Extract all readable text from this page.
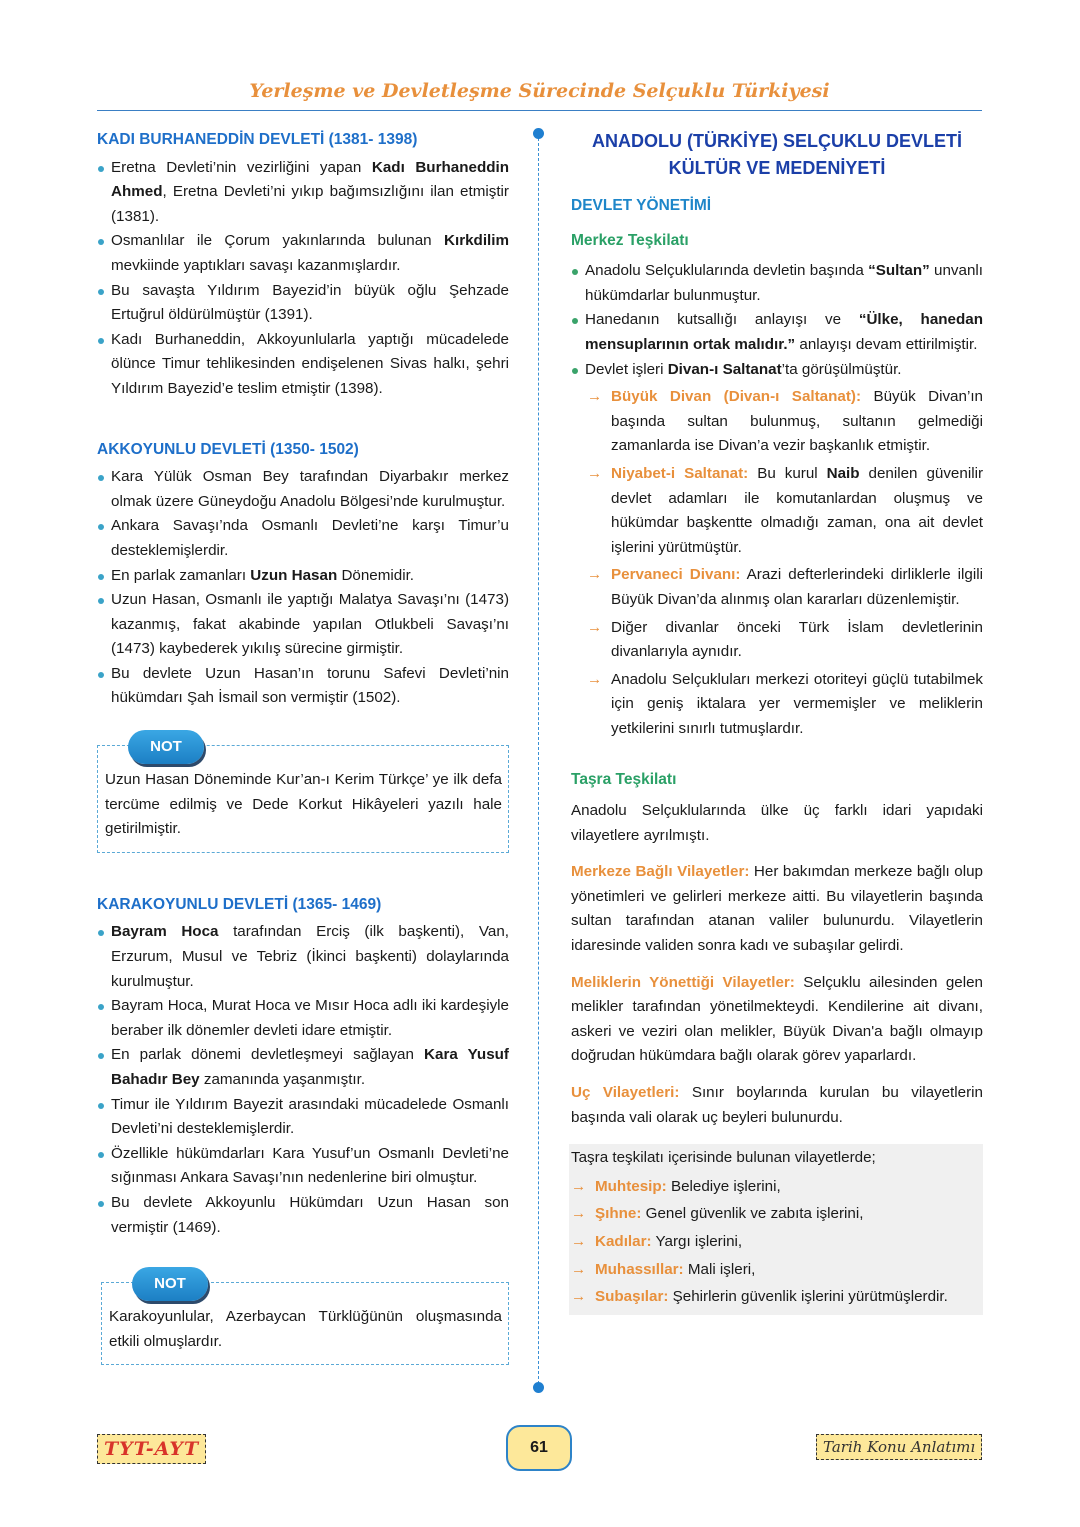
Yerleşme ve Devletleşme Sürecinde Selçuklu Türkiyesi
KADI BURHANEDDİN DEVLETİ (1381- 1398)
Eretna Devleti’nin vezirliğini yapan Kadı Burhaneddin Ahmed, Eretna Devleti’ni yıkıp bağımsızlığını ilan etmiştir (1381).
Osmanlılar ile Çorum yakınlarında bulunan Kırkdilim mevkiinde yaptıkları savaşı kazanmışlardır.
Bu savaşta Yıldırım Bayezid’in büyük oğlu Şehzade Ertuğrul öldürülmüştür (1391).
Kadı Burhaneddin, Akkoyunlularla yaptığı mücadelede ölünce Timur tehlikesinden endişelenen Sivas halkı, şehri Yıldırım Bayezid’e teslim etmiştir (1398).
AKKOYUNLU DEVLETİ (1350- 1502)
Kara Yülük Osman Bey tarafından Diyarbakır merkez olmak üzere Güneydoğu Anadolu Bölgesi’nde kurulmuştur.
Ankara Savaşı’nda Osmanlı Devleti’ne karşı Timur’u desteklemişlerdir.
En parlak zamanları Uzun Hasan Dönemidir.
Uzun Hasan, Osmanlı ile yaptığı Malatya Savaşı’nı (1473) kazanmış, fakat akabinde yapılan Otlukbeli Savaşı’nı (1473) kaybederek yıkılış sürecine girmiştir.
Bu devlete Uzun Hasan’ın torunu Safevi Devleti’nin hükümdarı Şah İsmail son vermiştir (1502).
NOT

Uzun Hasan Döneminde Kur’an-ı Kerim Türkçe’ ye ilk defa tercüme edilmiş ve Dede Korkut Hikâyeleri yazılı hale getirilmiştir.

KARAKOYUNLU DEVLETİ (1365- 1469)
Bayram Hoca tarafından Erciş (ilk başkenti), Van, Erzurum, Musul ve Tebriz (İkinci başkenti) dolaylarında kurulmuştur.
Bayram Hoca, Murat Hoca ve Mısır Hoca adlı iki kardeşiyle beraber ilk dönemler devleti idare etmiştir.
En parlak dönemi devletleşmeyi sağlayan Kara Yusuf Bahadır Bey zamanında yaşanmıştır.
Timur ile Yıldırım Bayezit arasındaki mücadelede Osmanlı Devleti’ni desteklemişlerdir.
Özellikle hükümdarları Kara Yusuf’un Osmanlı Devleti’ne sığınması Ankara Savaşı’nın nedenlerine biri olmuştur.
Bu devlete Akkoyunlu Hükümdarı Uzun Hasan son vermiştir (1469).
NOT

Karakoyunlular, Azerbaycan Türklüğünün oluşmasında etkili olmuşlardır.

ANADOLU (TÜRKİYE) SELÇUKLU DEVLETİ
KÜLTÜR VE MEDENİYETİ
DEVLET YÖNETİMİ
Merkez Teşkilatı
Anadolu Selçuklularında devletin başında “Sultan” unvanlı hükümdarlar bulunmuştur.
Hanedanın kutsallığı anlayışı ve “Ülke, hanedan mensuplarının ortak malıdır.” anlayışı devam ettirilmiştir.
Devlet işleri Divan-ı Saltanat’ta görüşülmüştür.
→ Büyük Divan (Divan-ı Saltanat): Büyük Divan’ın başında sultan bulunmuş, sultanın gelmediği zamanlarda ise Divan’a vezir başkanlık etmiştir.
→ Niyabet-i Saltanat: Bu kurul Naib denilen güvenilir devlet adamları ile komutanlardan oluşmuş ve hükümdar başkentte olmadığı zaman, ona ait devlet işlerini yürütmüştür.
→ Pervaneci Divanı: Arazi defterlerindeki dirliklerle ilgili Büyük Divan’da alınmış olan kararları düzenlemiştir.
→ Diğer divanlar önceki Türk İslam devletlerinin divanlarıyla aynıdır.
→ Anadolu Selçukluları merkezi otoriteyi güçlü tutabilmek için geniş iktalara yer vermemişler ve meliklerin yetkilerini sınırlı tutmuşlardır.
Taşra Teşkilatı

Anadolu Selçuklularında ülke üç farklı idari yapıdaki vilayetlere ayrılmıştı.

Merkeze Bağlı Vilayetler: Her bakımdan merkeze bağlı olup yönetimleri ve gelirleri merkeze aitti. Bu vilayetlerin başında sultan tarafından atanan valiler bulunurdu. Vilayetlerin idaresinde validen sonra kadı ve subaşılar gelirdi.

Meliklerin Yönettiği Vilayetler: Selçuklu ailesinden gelen melikler tarafından yönetilmekteydi. Kendilerine ait divanı, askeri ve veziri olan melikler, Büyük Divan'a bağlı olmayıp doğrudan hükümdara bağlı olarak görev yaparlardı.

Uç Vilayetleri: Sınır boylarında kurulan bu vilayetlerin başında vali olarak uç beyleri bulunurdu.

Taşra teşkilatı içerisinde bulunan vilayetlerde;

→ Muhtesip: Belediye işlerini,
→ Şıhne: Genel güvenlik ve zabıta işlerini,
→ Kadılar: Yargı işlerini,
→ Muhassıllar: Mali işleri,
→ Subaşılar: Şehirlerin güvenlik işlerini yürütmüşlerdir.
TYT-AYT	61	Tarih Konu Anlatımı
